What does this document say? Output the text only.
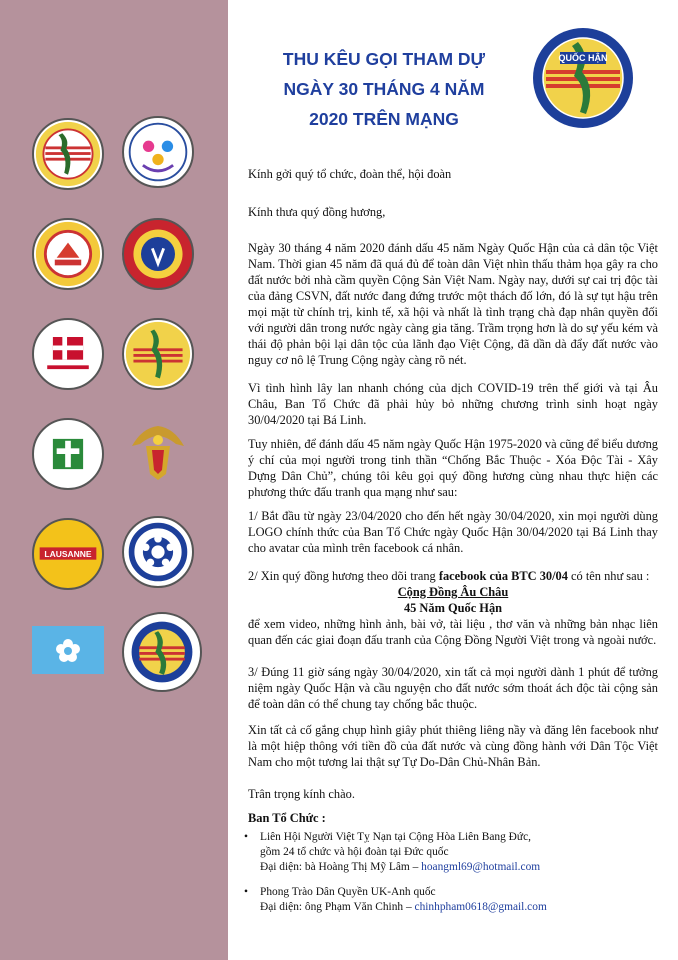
LAUSANNE
THU KÊU GỌI THAM DỰ
NGÀY 30 THÁNG 4 NĂM
2020 TRÊN MẠNG
QUỐC HẬN
Kính gởi quý tổ chức, đoàn thể, hội đoàn
Kính thưa quý đồng hương,
Ngày 30 tháng 4 năm 2020 đánh dấu 45 năm Ngày Quốc Hận của cả dân tộc Việt Nam. Thời gian 45 năm đã quá đủ để toàn dân Việt nhìn thấu thảm họa gây ra cho đất nước bởi nhà cầm quyền Cộng Sản Việt Nam. Ngày nay, dưới sự cai trị độc tài của đảng CSVN, đất nước đang đứng trước một thách đố lớn, đó là sự tụt hậu trên mọi mặt từ chính trị, kinh tế, xã hội và nhất là tình trạng chà đạp nhân quyền đối với người dân trong nước ngày càng gia tăng. Trầm trọng hơn là do sự yếu kém và thái độ phản bội lại dân tộc của lãnh đạo Việt Cộng, đã dần dà đẩy đất nước vào nguy cơ nô lệ Trung Cộng ngày càng rõ nét.
Vì tình hình lây lan nhanh chóng của dịch COVID-19 trên thế giới và tại Âu Châu, Ban Tổ Chức đã phải hủy bỏ những chương trình sinh hoạt ngày 30/04/2020 tại Bá Linh.
Tuy nhiên, để đánh dấu 45 năm ngày Quốc Hận 1975-2020 và cũng để biểu dương ý chí của mọi người trong tinh thần “Chống Bắc Thuộc - Xóa Độc Tài - Xây Dựng Dân Chủ”, chúng tôi kêu gọi quý đồng hương cùng nhau thực hiện các phương thức đấu tranh qua mạng như sau:
1/ Bắt đầu từ ngày 23/04/2020 cho đến hết ngày 30/04/2020, xin mọi người dùng LOGO chính thức của Ban Tổ Chức ngày Quốc Hận 30/04/2020 tại Bá Linh thay cho avatar của mình trên facebook cá nhân.
2/ Xin quý đồng hương theo dõi trang facebook của BTC 30/04 có tên như sau :
Cộng Đồng Âu Châu
45 Năm Quốc Hận
để xem video, những hình ảnh, bài vở, tài liệu , thơ văn và những bản nhạc liên quan đến các giai đoạn đấu tranh của Cộng Đồng Người Việt trong và ngoài nước.
3/ Đúng 11 giờ sáng ngày 30/04/2020, xin tất cả mọi người dành 1 phút để tưởng niệm ngày Quốc Hận và cầu nguyện cho đất nước sớm thoát ách độc tài cộng sản để toàn dân có thể chung tay chống bắc thuộc.
Xin tất cả cố gắng chụp hình giây phút thiêng liêng nầy và đăng lên facebook như là một hiệp thông với tiền đồ của đất nước và cùng đồng hành với Dân Tộc Việt Nam cho một tương lai thật sự Tự Do-Dân Chủ-Nhân Bản.
Trân trọng kính chào.
Ban Tổ Chức :
• Liên Hội Người Việt Tỵ Nạn tại Cộng Hòa Liên Bang Đức,
gồm 24 tổ chức và hội đoàn tại Đức quốc
Đại diện: bà Hoàng Thị Mỹ Lâm – hoangml69@hotmail.com
• Phong Trào Dân Quyền UK-Anh quốc
Đại diện: ông Phạm Văn Chinh – chinhpham0618@gmail.com
